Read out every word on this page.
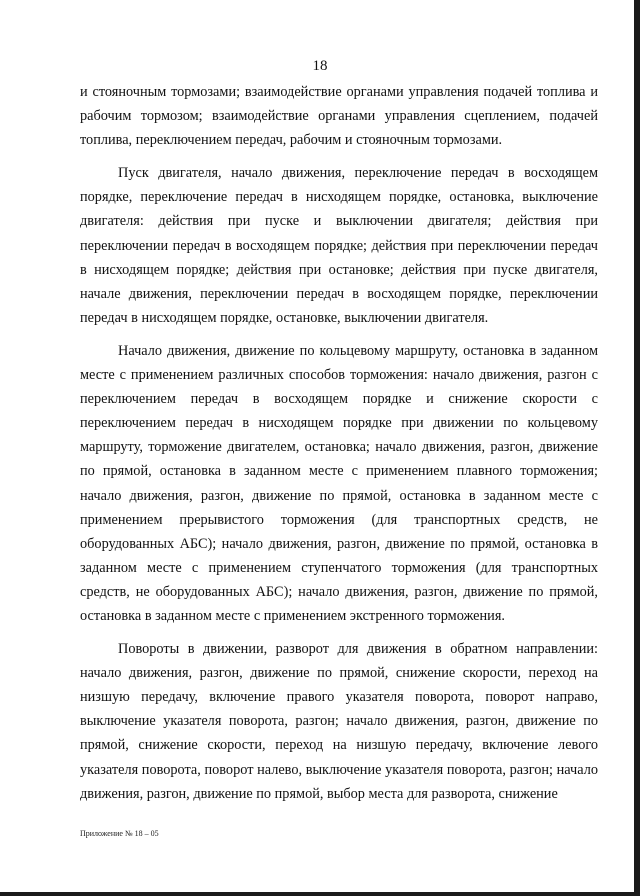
18

и стояночным тормозами; взаимодействие органами управления подачей топлива и рабочим тормозом; взаимодействие органами управления сцеплением, подачей топлива, переключением передач, рабочим и стояночным тормозами.

Пуск двигателя, начало движения, переключение передач в восходящем порядке, переключение передач в нисходящем порядке, остановка, выключение двигателя: действия при пуске и выключении двигателя; действия при переключении передач в восходящем порядке; действия при переключении передач в нисходящем порядке; действия при остановке; действия при пуске двигателя, начале движения, переключении передач в восходящем порядке, переключении передач в нисходящем порядке, остановке, выключении двигателя.

Начало движения, движение по кольцевому маршруту, остановка в заданном месте с применением различных способов торможения: начало движения, разгон с переключением передач в восходящем порядке и снижение скорости с переключением передач в нисходящем порядке при движении по кольцевому маршруту, торможение двигателем, остановка; начало движения, разгон, движение по прямой, остановка в заданном месте с применением плавного торможения; начало движения, разгон, движение по прямой, остановка в заданном месте с применением прерывистого торможения (для транспортных средств, не оборудованных АБС); начало движения, разгон, движение по прямой, остановка в заданном месте с применением ступенчатого торможения (для транспортных средств, не оборудованных АБС); начало движения, разгон, движение по прямой, остановка в заданном месте с применением экстренного торможения.

Повороты в движении, разворот для движения в обратном направлении: начало движения, разгон, движение по прямой, снижение скорости, переход на низшую передачу, включение правого указателя поворота, поворот направо, выключение указателя поворота, разгон; начало движения, разгон, движение по прямой, снижение скорости, переход на низшую передачу, включение левого указателя поворота, поворот налево, выключение указателя поворота, разгон; начало движения, разгон, движение по прямой, выбор места для разворота, снижение

Приложение № 18 – 05
